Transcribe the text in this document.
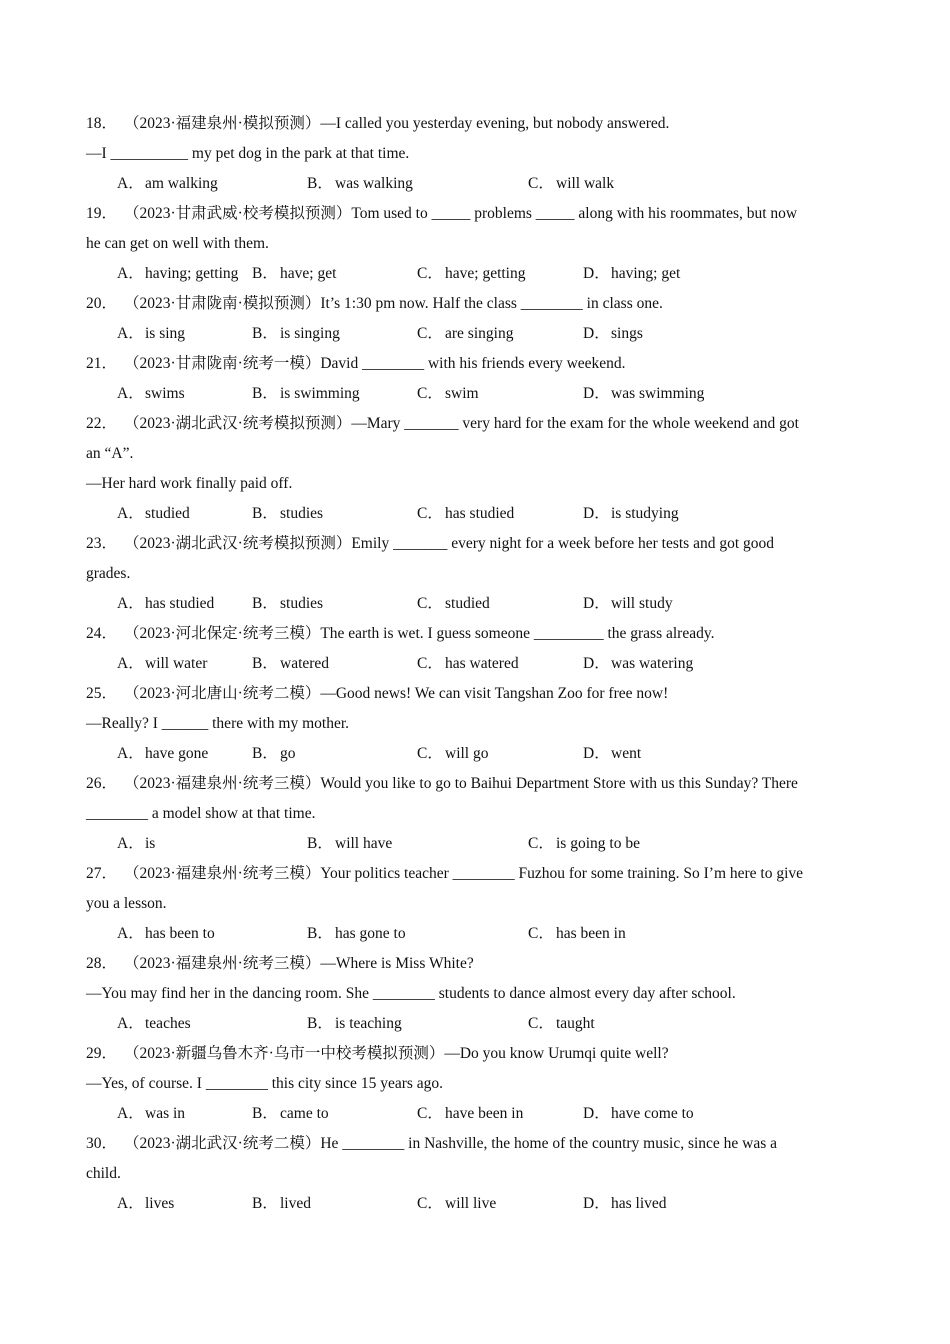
18． （2023·福建泉州·模拟预测）—I called you yesterday evening, but nobody answered.
—I __________ my pet dog in the park at that time.
A．am walking	B． was walking	C． will walk
19． （2023·甘肃武威·校考模拟预测）Tom used to _____ problems _____ along with his roommates, but now
he can get on well with them.
A．having; getting B． have; get	C． have; getting	D．having; get
20． （2023·甘肃陇南·模拟预测）It’s 1:30 pm now. Half the class ________ in class one.
A．is sing	B． is singing	C． are singing	D．sings
21． （2023·甘肃陇南·统考一模）David ________ with his friends every weekend.
A．swims	B． is swimming	C． swim	D．was swimming
22． （2023·湖北武汉·统考模拟预测）—Mary _______ very hard for the exam for the whole weekend and got
an “A”.
—Her hard work finally paid off.
A．studied	B． studies	C． has studied	D．is studying
23． （2023·湖北武汉·统考模拟预测）Emily _______ every night for a week before her tests and got good
grades.
A．has studied B． studies	C． studied	D．will study
24． （2023·河北保定·统考三模）The earth is wet. I guess someone _________ the grass already.
A．will water	B． watered	C． has watered	D．was watering
25． （2023·河北唐山·统考二模）—Good news! We can visit Tangshan Zoo for free now!
—Really? I ______ there with my mother.
A．have gone	B． go	C． will go	D．went
26． （2023·福建泉州·统考三模）Would you like to go to Baihui Department Store with us this Sunday? There
________ a model show at that time.
A．is	B． will have	C． is going to be
27． （2023·福建泉州·统考三模）Your politics teacher ________ Fuzhou for some training. So I’m here to give
you a lesson.
A．has been to	B． has gone to	C． has been in
28． （2023·福建泉州·统考三模）—Where is Miss White?
—You may find her in the dancing room. She ________ students to dance almost every day after school.
A．teaches	B． is teaching	C． taught
29． （2023·新疆乌鲁木齐·乌市一中校考模拟预测）—Do you know Urumqi quite well?
—Yes, of course. I ________ this city since 15 years ago.
A．was in	B． came to	C． have been in	D．have come to
30． （2023·湖北武汉·统考二模）He ________ in Nashville, the home of the country music, since he was a
child.
A．lives	B． lived	C． will live	D．has lived
